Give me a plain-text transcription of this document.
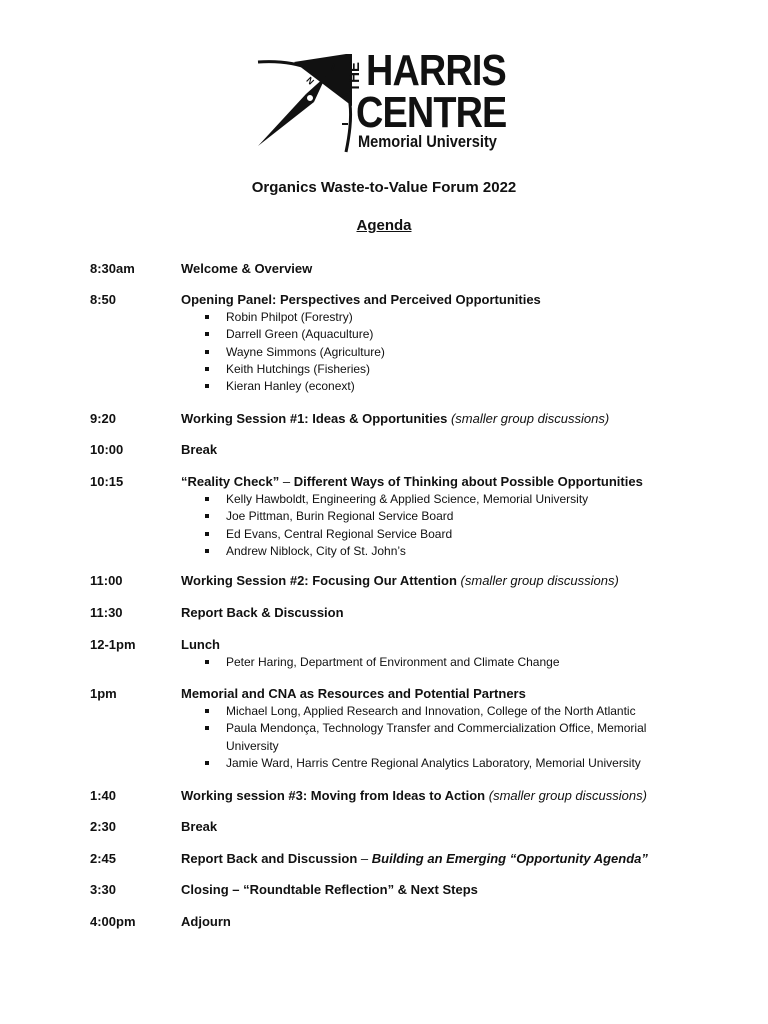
N THE HARRIS
CENTRE
Memorial University
Organics Waste-to-Value Forum 2022
Agenda
8:30am	Welcome & Overview
8:50	Opening Panel: Perspectives and Perceived Opportunities
Robin Philpot (Forestry)
Darrell Green (Aquaculture)
Wayne Simmons (Agriculture)
Keith Hutchings (Fisheries)
Kieran Hanley (econext)
9:20	Working Session #1: Ideas & Opportunities (smaller group discussions)
10:00	Break
10:15	“Reality Check” – Different Ways of Thinking about Possible Opportunities
Kelly Hawboldt, Engineering & Applied Science, Memorial University
Joe Pittman, Burin Regional Service Board
Ed Evans, Central Regional Service Board
Andrew Niblock, City of St. John’s
11:00	Working Session #2: Focusing Our Attention (smaller group discussions)
11:30	Report Back & Discussion
12-1pm	Lunch
Peter Haring, Department of Environment and Climate Change
1pm	Memorial and CNA as Resources and Potential Partners
Michael Long, Applied Research and Innovation, College of the North Atlantic
Paula Mendonça, Technology Transfer and Commercialization Office, Memorial University
Jamie Ward, Harris Centre Regional Analytics Laboratory, Memorial University
1:40	Working session #3: Moving from Ideas to Action (smaller group discussions)
2:30	Break
2:45	Report Back and Discussion – Building an Emerging “Opportunity Agenda”
3:30	Closing – “Roundtable Reflection” & Next Steps
4:00pm	Adjourn
